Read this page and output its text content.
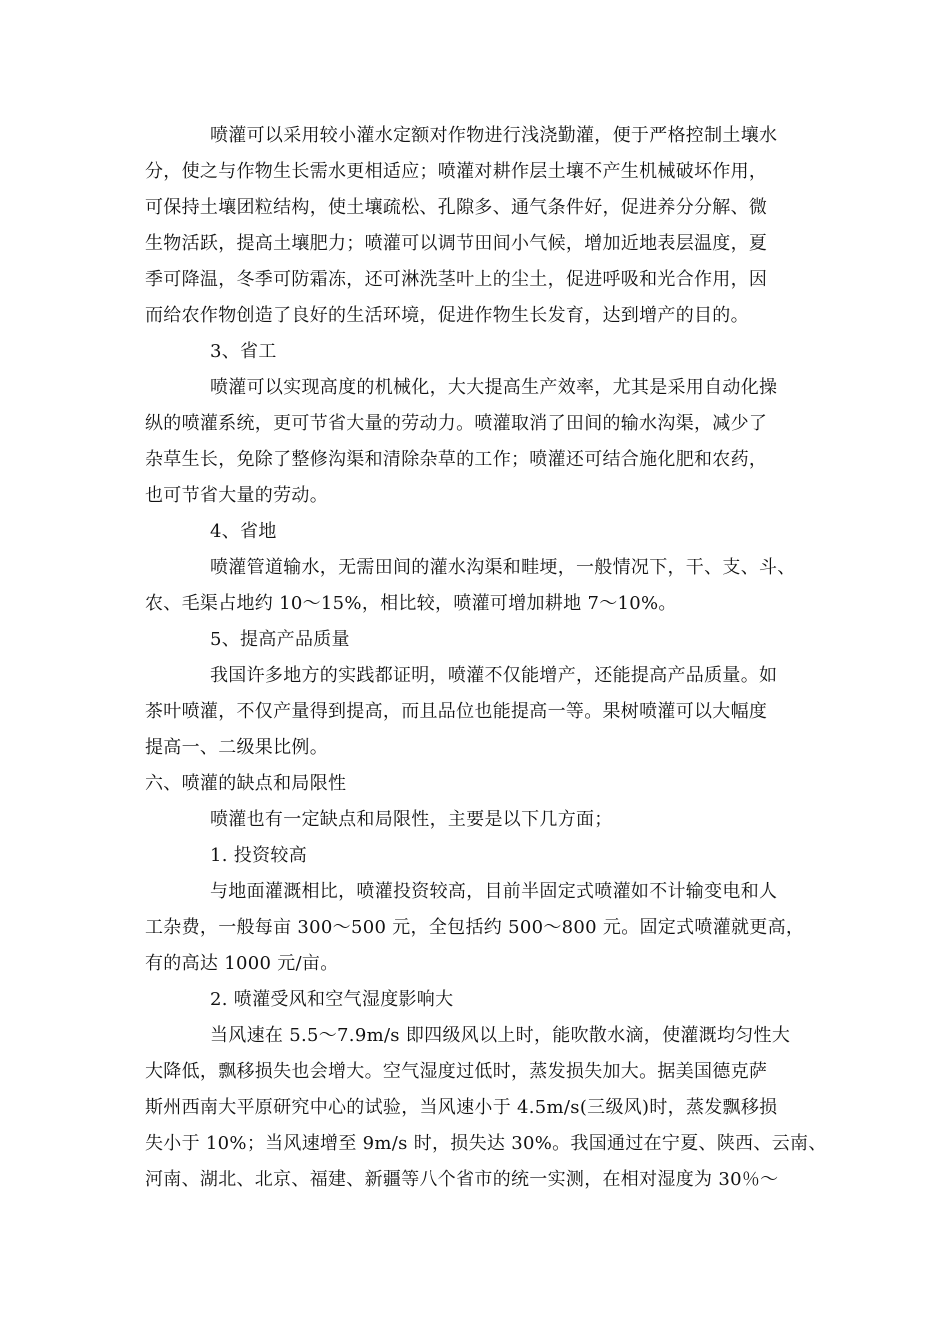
喷灌可以采用较小灌水定额对作物进行浅浇勤灌，便于严格控制土壤水
分，使之与作物生长需水更相适应；喷灌对耕作层土壤不产生机械破坏作用，
可保持土壤团粒结构，使土壤疏松、孔隙多、通气条件好，促进养分分解、微
生物活跃，提高土壤肥力；喷灌可以调节田间小气候，增加近地表层温度，夏
季可降温，冬季可防霜冻，还可淋洗茎叶上的尘土，促进呼吸和光合作用，因
而给农作物创造了良好的生活环境，促进作物生长发育，达到增产的目的。
3、省工
喷灌可以实现高度的机械化，大大提高生产效率，尤其是采用自动化操
纵的喷灌系统，更可节省大量的劳动力。喷灌取消了田间的输水沟渠，减少了
杂草生长，免除了整修沟渠和清除杂草的工作；喷灌还可结合施化肥和农药，
也可节省大量的劳动。
4、省地
喷灌管道输水，无需田间的灌水沟渠和畦埂，一般情况下，干、支、斗、
农、毛渠占地约 10～15%，相比较，喷灌可增加耕地 7～10%。
5、提高产品质量
我国许多地方的实践都证明，喷灌不仅能增产，还能提高产品质量。如
茶叶喷灌，不仅产量得到提高，而且品位也能提高一等。果树喷灌可以大幅度
提高一、二级果比例。
六、喷灌的缺点和局限性
喷灌也有一定缺点和局限性，主要是以下几方面；
1. 投资较高
与地面灌溉相比，喷灌投资较高，目前半固定式喷灌如不计输变电和人
工杂费，一般每亩 300～500 元，全包括约 500～800 元。固定式喷灌就更高，
有的高达 1000 元/亩。
2. 喷灌受风和空气湿度影响大
当风速在 5.5～7.9m/s 即四级风以上时，能吹散水滴，使灌溉均匀性大
大降低，飘移损失也会增大。空气湿度过低时，蒸发损失加大。据美国德克萨
斯州西南大平原研究中心的试验，当风速小于 4.5m/s(三级风)时，蒸发飘移损
失小于 10%；当风速增至 9m/s 时，损失达 30%。我国通过在宁夏、陕西、云南、
河南、湖北、北京、福建、新疆等八个省市的统一实测，在相对湿度为 30％～
